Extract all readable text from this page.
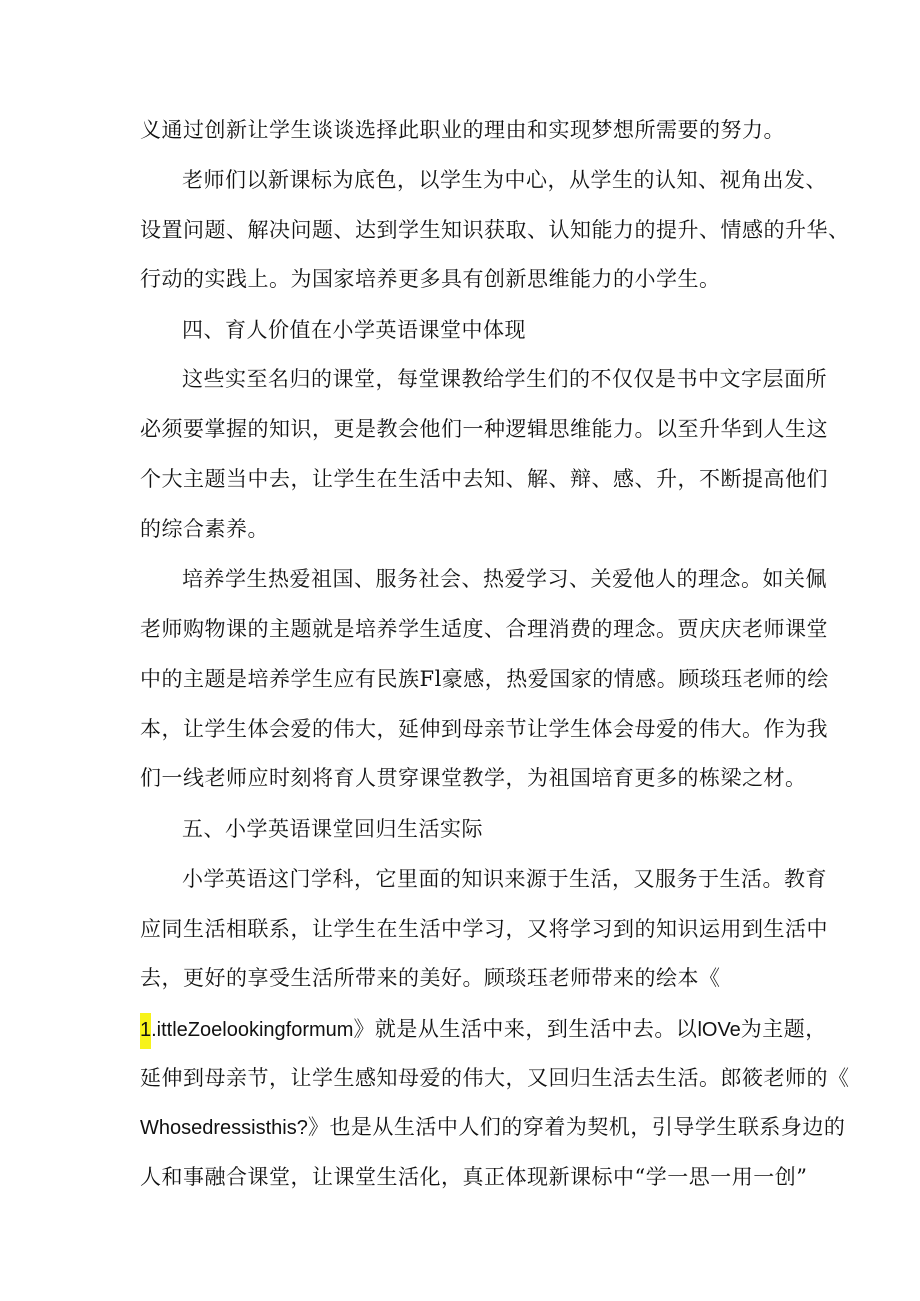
义通过创新让学生谈谈选择此职业的理由和实现梦想所需要的努力。
老师们以新课标为底色，以学生为中心，从学生的认知、视角出发、
设置问题、解决问题、达到学生知识获取、认知能力的提升、情感的升华、
行动的实践上。为国家培养更多具有创新思维能力的小学生。
四、育人价值在小学英语课堂中体现
这些实至名归的课堂，每堂课教给学生们的不仅仅是书中文字层面所
必须要掌握的知识，更是教会他们一种逻辑思维能力。以至升华到人生这
个大主题当中去，让学生在生活中去知、解、辩、感、升，不断提高他们
的综合素养。
培养学生热爱祖国、服务社会、热爱学习、关爱他人的理念。如关佩
老师购物课的主题就是培养学生适度、合理消费的理念。贾庆庆老师课堂
中的主题是培养学生应有民族Fl豪感，热爱国家的情感。顾琰珏老师的绘
本，让学生体会爱的伟大，延伸到母亲节让学生体会母爱的伟大。作为我
们一线老师应时刻将育人贯穿课堂教学，为祖国培育更多的栋梁之材。
五、小学英语课堂回归生活实际
小学英语这门学科，它里面的知识来源于生活，又服务于生活。教育
应同生活相联系，让学生在生活中学习，又将学习到的知识运用到生活中
去，更好的享受生活所带来的美好。顾琰珏老师带来的绘本《
1.ittleZoelookingformum》就是从生活中来，到生活中去。以lOVe为主题，
延伸到母亲节，让学生感知母爱的伟大，又回归生活去生活。郎筱老师的《
Whosedressisthis?》也是从生活中人们的穿着为契机，引导学生联系身边的
人和事融合课堂，让课堂生活化，真正体现新课标中“学一思一用一创”
